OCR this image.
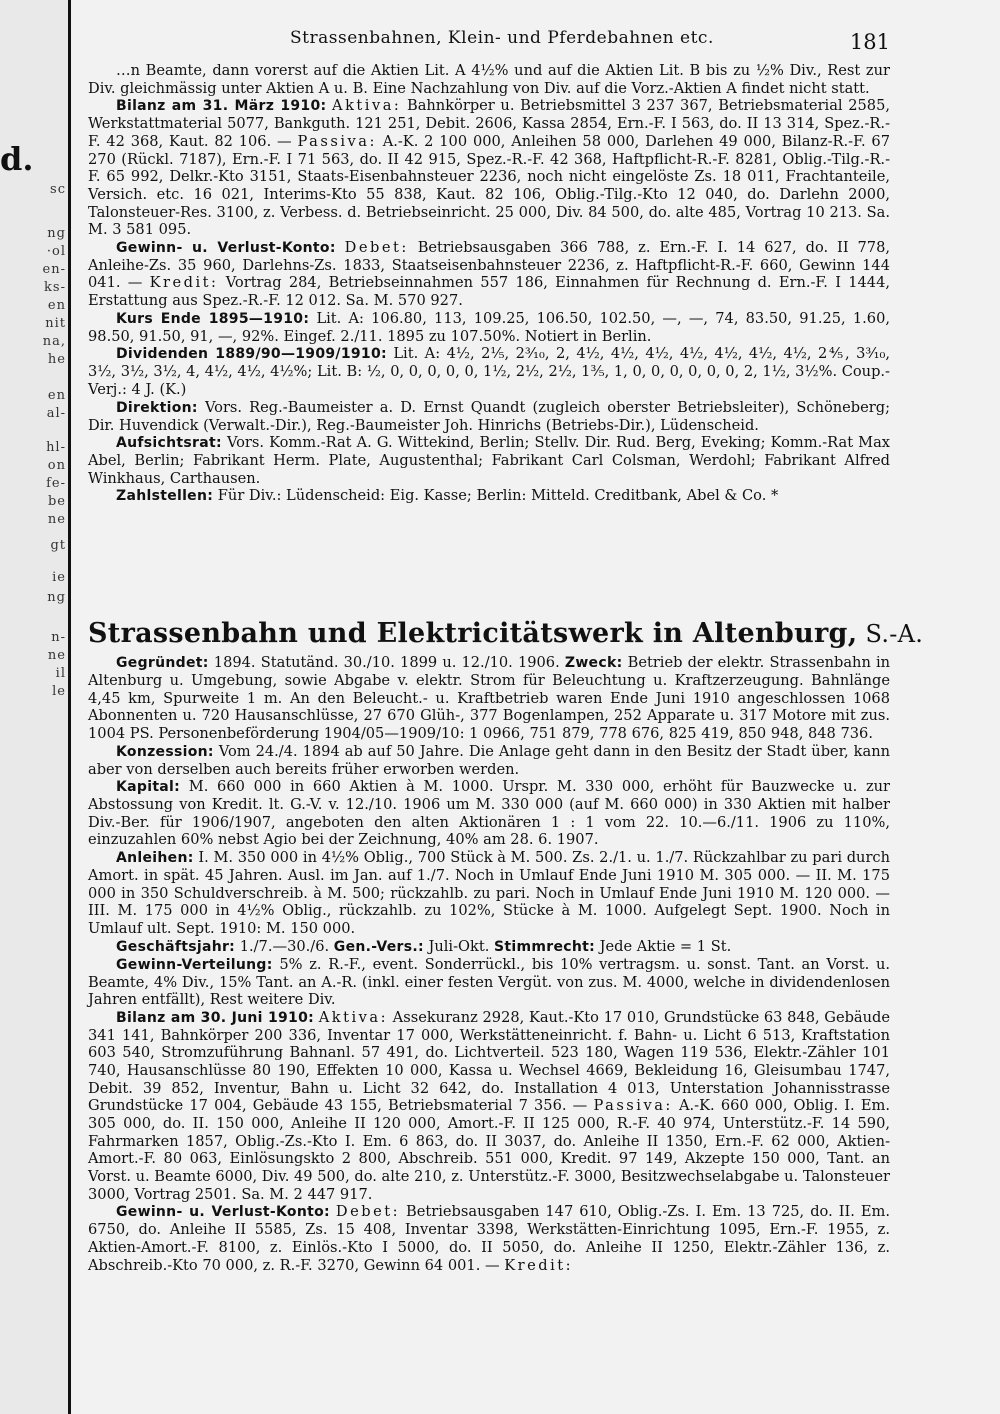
d.
sc
ng
·ol
en-
ks-
en
nit
na,
he
en
al-
hl-
on
fe-
be
ne
gt
ie
ng
n-
ne
il
le
Strassenbahnen, Klein- und Pferdebahnen etc.	181

…n Beamte, dann vorerst auf die Aktien Lit. A 4½% und auf die Aktien Lit. B bis zu ½% Div., Rest zur Div. gleichmässig unter Aktien A u. B. Eine Nachzahlung von Div. auf die Vorz.-Aktien A findet nicht statt.

Bilanz am 31. März 1910: Aktiva: Bahnkörper u. Betriebsmittel 3 237 367, Betriebsmaterial 2585, Werkstattmaterial 5077, Bankguth. 121 251, Debit. 2606, Kassa 2854, Ern.-F. I 563, do. II 13 314, Spez.-R.-F. 42 368, Kaut. 82 106. — Passiva: A.-K. 2 100 000, Anleihen 58 000, Darlehen 49 000, Bilanz-R.-F. 67 270 (Rückl. 7187), Ern.-F. I 71 563, do. II 42 915, Spez.-R.-F. 42 368, Haftpflicht-R.-F. 8281, Oblig.-Tilg.-R.-F. 65 992, Delkr.-Kto 3151, Staats-Eisenbahnsteuer 2236, noch nicht eingelöste Zs. 18 011, Frachtanteile, Versich. etc. 16 021, Interims-Kto 55 838, Kaut. 82 106, Oblig.-Tilg.-Kto 12 040, do. Darlehn 2000, Talonsteuer-Res. 3100, z. Verbess. d. Betriebseinricht. 25 000, Div. 84 500, do. alte 485, Vortrag 10 213. Sa. M. 3 581 095.

Gewinn- u. Verlust-Konto: Debet: Betriebsausgaben 366 788, z. Ern.-F. I. 14 627, do. II 778, Anleihe-Zs. 35 960, Darlehns-Zs. 1833, Staatseisenbahnsteuer 2236, z. Haftpflicht-R.-F. 660, Gewinn 144 041. — Kredit: Vortrag 284, Betriebseinnahmen 557 186, Einnahmen für Rechnung d. Ern.-F. I 1444, Erstattung aus Spez.-R.-F. 12 012. Sa. M. 570 927.

Kurs Ende 1895—1910: Lit. A: 106.80, 113, 109.25, 106.50, 102.50, —, —, 74, 83.50, 91.25, 1.60, 98.50, 91.50, 91, —, 92%. Eingef. 2./11. 1895 zu 107.50%. Notiert in Berlin.

Dividenden 1889/90—1909/1910: Lit. A: 4½, 2⅕, 2³⁄₁₀, 2, 4½, 4½, 4½, 4½, 4½, 4½, 4½, 2⅘, 3³⁄₁₀, 3½, 3½, 3½, 4, 4½, 4½, 4½%; Lit. B: ½, 0, 0, 0, 0, 0, 1½, 2½, 2½, 1⅗, 1, 0, 0, 0, 0, 0, 0, 2, 1½, 3½%. Coup.-Verj.: 4 J. (K.)

Direktion: Vors. Reg.-Baumeister a. D. Ernst Quandt (zugleich oberster Betriebsleiter), Schöneberg; Dir. Huvendick (Verwalt.-Dir.), Reg.-Baumeister Joh. Hinrichs (Betriebs-Dir.), Lüdenscheid.

Aufsichtsrat: Vors. Komm.-Rat A. G. Wittekind, Berlin; Stellv. Dir. Rud. Berg, Eveking; Komm.-Rat Max Abel, Berlin; Fabrikant Herm. Plate, Augustenthal; Fabrikant Carl Colsman, Werdohl; Fabrikant Alfred Winkhaus, Carthausen.

Zahlstellen: Für Div.: Lüdenscheid: Eig. Kasse; Berlin: Mitteld. Creditbank, Abel & Co. *

Strassenbahn und Elektricitätswerk in Altenburg, S.-A.

Gegründet: 1894. Statutänd. 30./10. 1899 u. 12./10. 1906. Zweck: Betrieb der elektr. Strassenbahn in Altenburg u. Umgebung, sowie Abgabe v. elektr. Strom für Beleuchtung u. Kraftzerzeugung. Bahnlänge 4,45 km, Spurweite 1 m. An den Beleucht.- u. Kraftbetrieb waren Ende Juni 1910 angeschlossen 1068 Abonnenten u. 720 Hausanschlüsse, 27 670 Glüh-, 377 Bogenlampen, 252 Apparate u. 317 Motore mit zus. 1004 PS. Personenbeförderung 1904/05—1909/10: 1 0966, 751 879, 778 676, 825 419, 850 948, 848 736.

Konzession: Vom 24./4. 1894 ab auf 50 Jahre. Die Anlage geht dann in den Besitz der Stadt über, kann aber von derselben auch bereits früher erworben werden.

Kapital: M. 660 000 in 660 Aktien à M. 1000. Urspr. M. 330 000, erhöht für Bauzwecke u. zur Abstossung von Kredit. lt. G.-V. v. 12./10. 1906 um M. 330 000 (auf M. 660 000) in 330 Aktien mit halber Div.-Ber. für 1906/1907, angeboten den alten Aktionären 1 : 1 vom 22. 10.—6./11. 1906 zu 110%, einzuzahlen 60% nebst Agio bei der Zeichnung, 40% am 28. 6. 1907.

Anleihen: I. M. 350 000 in 4½% Oblig., 700 Stück à M. 500. Zs. 2./1. u. 1./7. Rückzahlbar zu pari durch Amort. in spät. 45 Jahren. Ausl. im Jan. auf 1./7. Noch in Umlauf Ende Juni 1910 M. 305 000. — II. M. 175 000 in 350 Schuldverschreib. à M. 500; rückzahlb. zu pari. Noch in Umlauf Ende Juni 1910 M. 120 000. — III. M. 175 000 in 4½% Oblig., rückzahlb. zu 102%, Stücke à M. 1000. Aufgelegt Sept. 1900. Noch in Umlauf ult. Sept. 1910: M. 150 000.

Geschäftsjahr: 1./7.—30./6. Gen.-Vers.: Juli-Okt. Stimmrecht: Jede Aktie = 1 St.

Gewinn-Verteilung: 5% z. R.-F., event. Sonderrückl., bis 10% vertragsm. u. sonst. Tant. an Vorst. u. Beamte, 4% Div., 15% Tant. an A.-R. (inkl. einer festen Vergüt. von zus. M. 4000, welche in dividendenlosen Jahren entfällt), Rest weitere Div.

Bilanz am 30. Juni 1910: Aktiva: Assekuranz 2928, Kaut.-Kto 17 010, Grundstücke 63 848, Gebäude 341 141, Bahnkörper 200 336, Inventar 17 000, Werkstätteneinricht. f. Bahn- u. Licht 6 513, Kraftstation 603 540, Stromzuführung Bahnanl. 57 491, do. Lichtverteil. 523 180, Wagen 119 536, Elektr.-Zähler 101 740, Hausanschlüsse 80 190, Effekten 10 000, Kassa u. Wechsel 4669, Bekleidung 16, Gleisumbau 1747, Debit. 39 852, Inventur, Bahn u. Licht 32 642, do. Installation 4 013, Unterstation Johannisstrasse Grundstücke 17 004, Gebäude 43 155, Betriebsmaterial 7 356. — Passiva: A.-K. 660 000, Oblig. I. Em. 305 000, do. II. 150 000, Anleihe II 120 000, Amort.-F. II 125 000, R.-F. 40 974, Unterstütz.-F. 14 590, Fahrmarken 1857, Oblig.-Zs.-Kto I. Em. 6 863, do. II 3037, do. Anleihe II 1350, Ern.-F. 62 000, Aktien-Amort.-F. 80 063, Einlösungskto 2 800, Abschreib. 551 000, Kredit. 97 149, Akzepte 150 000, Tant. an Vorst. u. Beamte 6000, Div. 49 500, do. alte 210, z. Unterstütz.-F. 3000, Besitzwechselabgabe u. Talonsteuer 3000, Vortrag 2501. Sa. M. 2 447 917.

Gewinn- u. Verlust-Konto: Debet: Betriebsausgaben 147 610, Oblig.-Zs. I. Em. 13 725, do. II. Em. 6750, do. Anleihe II 5585, Zs. 15 408, Inventar 3398, Werkstätten-Einrichtung 1095, Ern.-F. 1955, z. Aktien-Amort.-F. 8100, z. Einlös.-Kto I 5000, do. II 5050, do. Anleihe II 1250, Elektr.-Zähler 136, z. Abschreib.-Kto 70 000, z. R.-F. 3270, Gewinn 64 001. — Kredit:
